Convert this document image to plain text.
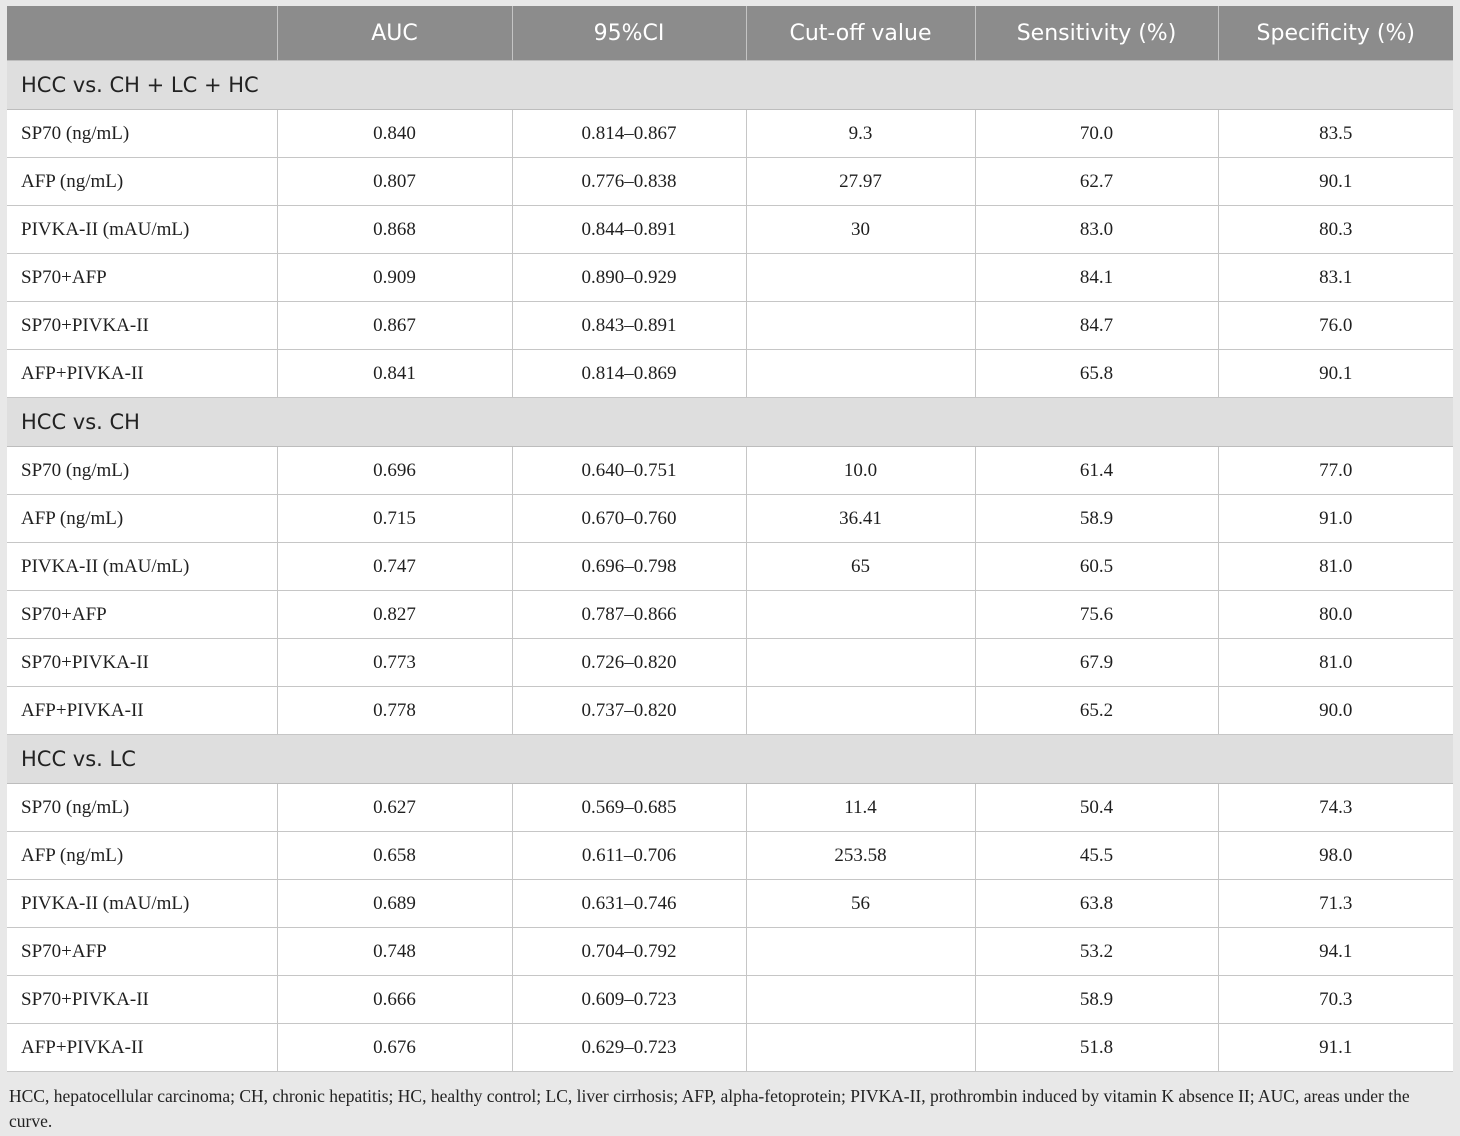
	AUC	95%CI	Cut-off value	Sensitivity (%)	Specificity (%)
HCC vs. CH + LC + HC					
SP70 (ng/mL)	0.840	0.814–0.867	9.3	70.0	83.5
AFP (ng/mL)	0.807	0.776–0.838	27.97	62.7	90.1
PIVKA-II (mAU/mL)	0.868	0.844–0.891	30	83.0	80.3
SP70+AFP	0.909	0.890–0.929		84.1	83.1
SP70+PIVKA-II	0.867	0.843–0.891		84.7	76.0
AFP+PIVKA-II	0.841	0.814–0.869		65.8	90.1
HCC vs. CH					
SP70 (ng/mL)	0.696	0.640–0.751	10.0	61.4	77.0
AFP (ng/mL)	0.715	0.670–0.760	36.41	58.9	91.0
PIVKA-II (mAU/mL)	0.747	0.696–0.798	65	60.5	81.0
SP70+AFP	0.827	0.787–0.866		75.6	80.0
SP70+PIVKA-II	0.773	0.726–0.820		67.9	81.0
AFP+PIVKA-II	0.778	0.737–0.820		65.2	90.0
HCC vs. LC					
SP70 (ng/mL)	0.627	0.569–0.685	11.4	50.4	74.3
AFP (ng/mL)	0.658	0.611–0.706	253.58	45.5	98.0
PIVKA-II (mAU/mL)	0.689	0.631–0.746	56	63.8	71.3
SP70+AFP	0.748	0.704–0.792		53.2	94.1
SP70+PIVKA-II	0.666	0.609–0.723		58.9	70.3
AFP+PIVKA-II	0.676	0.629–0.723		51.8	91.1
HCC, hepatocellular carcinoma; CH, chronic hepatitis; HC, healthy control; LC, liver cirrhosis; AFP, alpha-fetoprotein; PIVKA-II, prothrombin induced by vitamin K absence II; AUC, areas under the curve.
